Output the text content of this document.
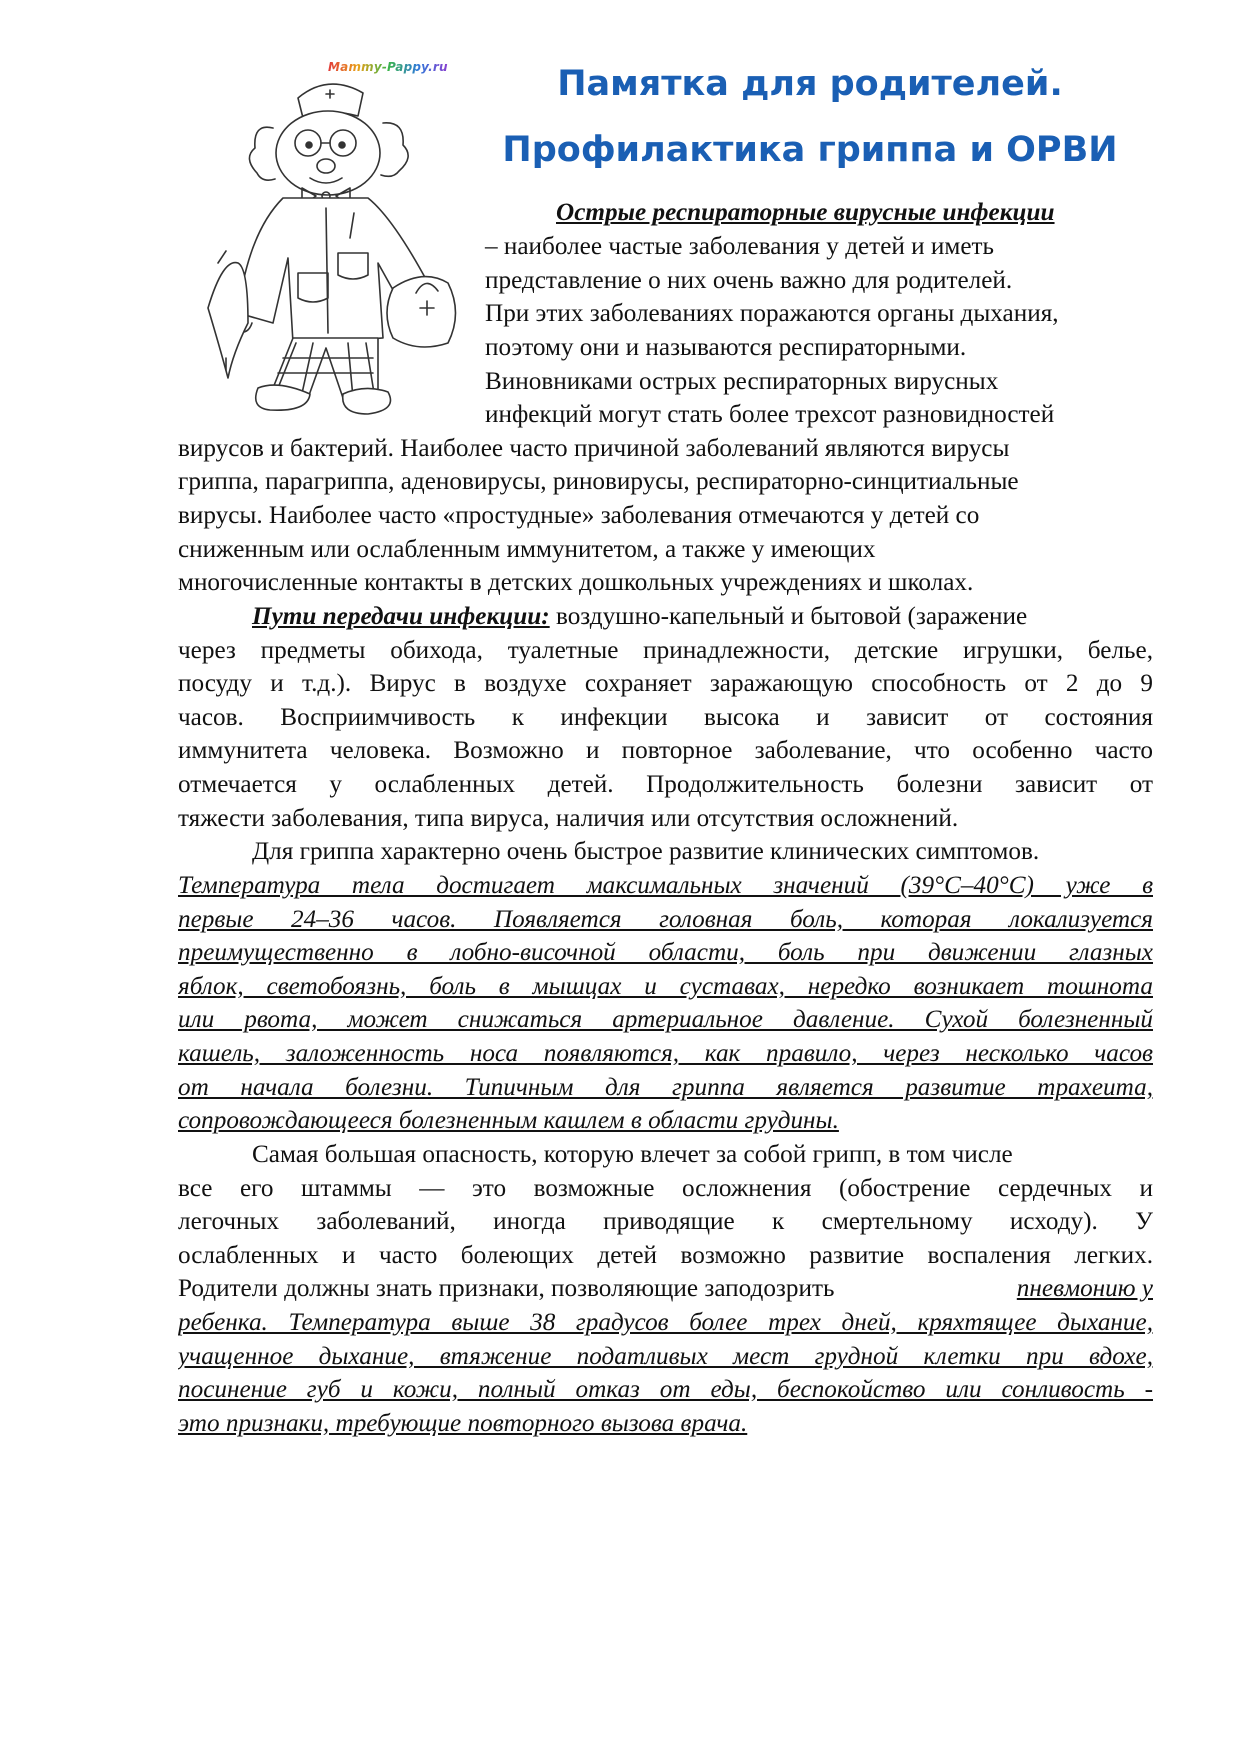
Mammy-Pappy.ru	Памятка для родителей.
Профилактика гриппа и ОРВИ
Острые респираторные вирусные инфекции
– наиболее частые заболевания у детей и иметь
представление о них очень важно для родителей.
При этих заболеваниях поражаются органы дыхания,
поэтому они и называются респираторными.
Виновниками острых респираторных вирусных
инфекций могут стать более трехсот разновидностей
вирусов и бактерий. Наиболее часто причиной заболеваний являются вирусы
гриппа, парагриппа, аденовирусы, риновирусы, респираторно-синцитиальные
вирусы. Наиболее часто «простудные» заболевания отмечаются у детей со
сниженным или ослабленным иммунитетом, а также у имеющих
многочисленные контакты в детских дошкольных учреждениях и школах.
Пути передачи инфекции: воздушно-капельный и бытовой (заражение
через предметы обихода, туалетные принадлежности, детские игрушки, белье,
посуду и т.д.). Вирус в воздухе сохраняет заражающую способность от 2 до 9
часов. Восприимчивость к инфекции высока и зависит от состояния
иммунитета человека. Возможно и повторное заболевание, что особенно часто
отмечается у ослабленных детей. Продолжительность болезни зависит от
тяжести заболевания, типа вируса, наличия или отсутствия осложнений.
Для гриппа характерно очень быстрое развитие клинических симптомов.
Температура тела достигает максимальных значений (39°C–40°C) уже в
первые 24–36 часов. Появляется головная боль, которая локализуется
преимущественно в лобно-височной области, боль при движении глазных
яблок, светобоязнь, боль в мышцах и суставах, нередко возникает тошнота
или рвота, может снижаться артериальное давление. Сухой болезненный
кашель, заложенность носа появляются, как правило, через несколько часов
от начала болезни. Типичным для гриппа является развитие трахеита,
сопровождающееся болезненным кашлем в области грудины.
Самая большая опасность, которую влечет за собой грипп, в том числе
все его штаммы — это возможные осложнения (обострение сердечных и
легочных заболеваний, иногда приводящие к смертельному исходу). У
ослабленных и часто болеющих детей возможно развитие воспаления легких.
Родители должны знать признаки, позволяющие заподозрить	пневмонию у
ребенка. Температура выше 38 градусов более трех дней, кряхтящее дыхание,
учащенное дыхание, втяжение податливых мест грудной клетки при вдохе,
посинение губ и кожи, полный отказ от еды, беспокойство или сонливость -
это признаки, требующие повторного вызова врача.
